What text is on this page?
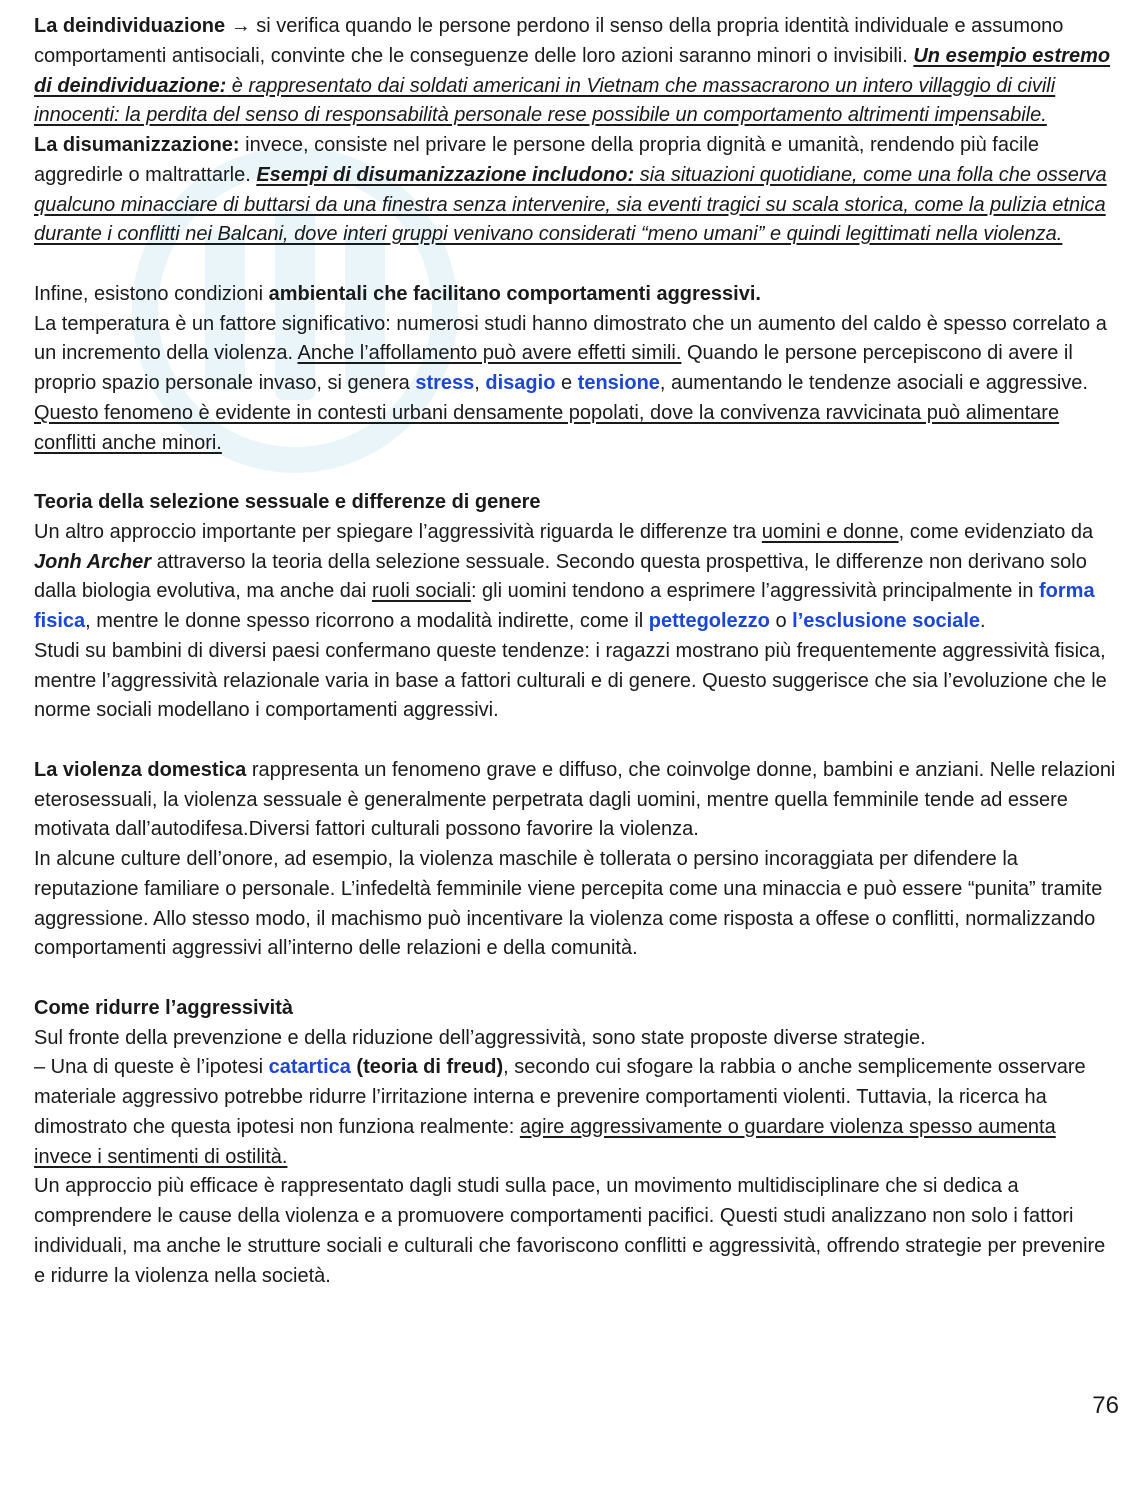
La deindividuazione → si verifica quando le persone perdono il senso della propria identità individuale e assumono comportamenti antisociali, convinte che le conseguenze delle loro azioni saranno minori o invisibili. Un esempio estremo di deindividuazione: è rappresentato dai soldati americani in Vietnam che massacrarono un intero villaggio di civili innocenti: la perdita del senso di responsabilità personale rese possibile un comportamento altrimenti impensabile.

La disumanizzazione: invece, consiste nel privare le persone della propria dignità e umanità, rendendo più facile aggredirle o maltrattarle. Esempi di disumanizzazione includono: sia situazioni quotidiane, come una folla che osserva qualcuno minacciare di buttarsi da una finestra senza intervenire, sia eventi tragici su scala storica, come la pulizia etnica durante i conflitti nei Balcani, dove interi gruppi venivano considerati “meno umani” e quindi legittimati nella violenza.

Infine, esistono condizioni ambientali che facilitano comportamenti aggressivi.

La temperatura è un fattore significativo: numerosi studi hanno dimostrato che un aumento del caldo è spesso correlato a un incremento della violenza. Anche l’affollamento può avere effetti simili. Quando le persone percepiscono di avere il proprio spazio personale invaso, si genera stress, disagio e tensione, aumentando le tendenze asociali e aggressive. Questo fenomeno è evidente in contesti urbani densamente popolati, dove la convivenza ravvicinata può alimentare conflitti anche minori.

Teoria della selezione sessuale e differenze di genere

Un altro approccio importante per spiegare l’aggressività riguarda le differenze tra uomini e donne, come evidenziato da Jonh Archer attraverso la teoria della selezione sessuale. Secondo questa prospettiva, le differenze non derivano solo dalla biologia evolutiva, ma anche dai ruoli sociali: gli uomini tendono a esprimere l’aggressività principalmente in forma fisica, mentre le donne spesso ricorrono a modalità indirette, come il pettegolezzo o l’esclusione sociale.

Studi su bambini di diversi paesi confermano queste tendenze: i ragazzi mostrano più frequentemente aggressività fisica, mentre l’aggressività relazionale varia in base a fattori culturali e di genere. Questo suggerisce che sia l’evoluzione che le norme sociali modellano i comportamenti aggressivi.

La violenza domestica rappresenta un fenomeno grave e diffuso, che coinvolge donne, bambini e anziani. Nelle relazioni eterosessuali, la violenza sessuale è generalmente perpetrata dagli uomini, mentre quella femminile tende ad essere motivata dall’autodifesa.Diversi fattori culturali possono favorire la violenza.

In alcune culture dell’onore, ad esempio, la violenza maschile è tollerata o persino incoraggiata per difendere la reputazione familiare o personale. L’infedeltà femminile viene percepita come una minaccia e può essere “punita” tramite aggressione. Allo stesso modo, il machismo può incentivare la violenza come risposta a offese o conflitti, normalizzando comportamenti aggressivi all’interno delle relazioni e della comunità.

Come ridurre l’aggressività

Sul fronte della prevenzione e della riduzione dell’aggressività, sono state proposte diverse strategie.

– Una di queste è l’ipotesi catartica (teoria di freud), secondo cui sfogare la rabbia o anche semplicemente osservare materiale aggressivo potrebbe ridurre l’irritazione interna e prevenire comportamenti violenti. Tuttavia, la ricerca ha dimostrato che questa ipotesi non funziona realmente: agire aggressivamente o guardare violenza spesso aumenta invece i sentimenti di ostilità.

Un approccio più efficace è rappresentato dagli studi sulla pace, un movimento multidisciplinare che si dedica a comprendere le cause della violenza e a promuovere comportamenti pacifici. Questi studi analizzano non solo i fattori individuali, ma anche le strutture sociali e culturali che favoriscono conflitti e aggressività, offrendo strategie per prevenire e ridurre la violenza nella società.

76
